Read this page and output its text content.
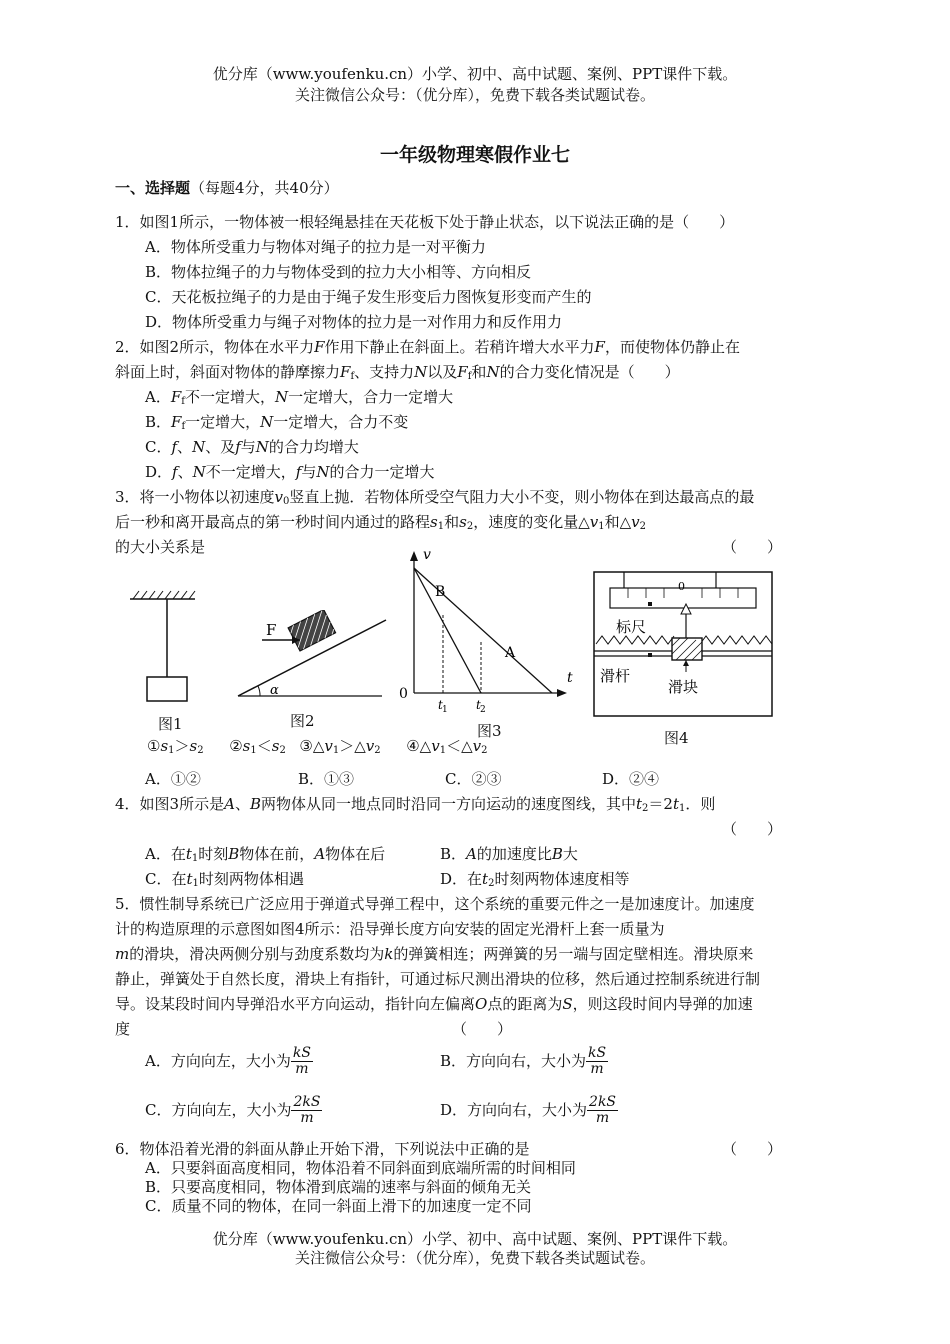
优分库（www.youfenku.cn）小学、初中、高中试题、案例、PPT课件下载。
关注微信公众号：（优分库），免费下载各类试题试卷。
一年级物理寒假作业七
一、选择题（每题4分，共40分）
1．如图1所示，一物体被一根轻绳悬挂在天花板下处于静止状态，以下说法正确的是（　　）
A．物体所受重力与物体对绳子的拉力是一对平衡力
B．物体拉绳子的力与物体受到的拉力大小相等、方向相反
C．天花板拉绳子的力是由于绳子发生形变后力图恢复形变而产生的
D．物体所受重力与绳子对物体的拉力是一对作用力和反作用力
2．如图2所示，物体在水平力F作用下静止在斜面上。若稍许增大水平力F，而使物体仍静止在
斜面上时，斜面对物体的静摩擦力$F_f$、支持力N以及$F_f$和N的合力变化情况是（　　）
A．$F_f$不一定增大，N一定增大，合力一定增大
B．$F_f$一定增大，N一定增大，合力不变
C．f、N、及f与N的合力均增大
D．f、N不一定增大，f与N的合力一定增大
3．将一小物体以初速度$v_0$竖直上抛．若物体所受空气阻力大小不变，则小物体在到达最高点的最
后一秒和离开最高点的第一秒时间内通过的路程$s_1$和$s_2$，速度的变化量$\triangle v_1$和$\triangle v_2$
的大小关系是	（　　）
图1
F
α
图2
v
t
0
B
A
t 1 t 2
图3
0
标尺
滑杆
滑块
图4
$①s_1>s_2$ $②s_1<s_2$ $③\triangle v_1>\triangle v_2$ $④\triangle v_1<\triangle v_2$
A．①②	B．①③	C．②③	D．②④
4．如图3所示是A、B两物体从同一地点同时沿同一方向运动的速度图线，其中$t_2=2t_1$．则
（　　）
A．在$t_1$时刻B物体在前，A物体在后	B．A的加速度比B大
C．在$t_1$时刻两物体相遇	D．在$t_2$时刻两物体速度相等
5．惯性制导系统已广泛应用于弹道式导弹工程中，这个系统的重要元件之一是加速度计。加速度
计的构造原理的示意图如图4所示：沿导弹长度方向安装的固定光滑杆上套一质量为
m的滑块，滑决两侧分别与劲度系数均为k的弹簧相连；两弹簧的另一端与固定壁相连。滑块原来
静止，弹簧处于自然长度，滑块上有指针，可通过标尺测出滑块的位移，然后通过控制系统进行制
导。设某段时间内导弹沿水平方向运动，指针向左偏离O点的距离为S，则这段时间内导弹的加速
度	（　　）
A．方向向左，大小为 $\frac{kS}{m}$	B．方向向右，大小为 $\frac{kS}{m}$
C．方向向左，大小为 $\frac{2kS}{m}$	D．方向向右，大小为 $\frac{2kS}{m}$
6．物体沿着光滑的斜面从静止开始下滑，下列说法中正确的是	（　　）
A．只要斜面高度相同，物体沿着不同斜面到底端所需的时间相同
B．只要高度相同，物体滑到底端的速率与斜面的倾角无关
C．质量不同的物体，在同一斜面上滑下的加速度一定不同
优分库（www.youfenku.cn）小学、初中、高中试题、案例、PPT课件下载。
关注微信公众号：（优分库），免费下载各类试题试卷。
